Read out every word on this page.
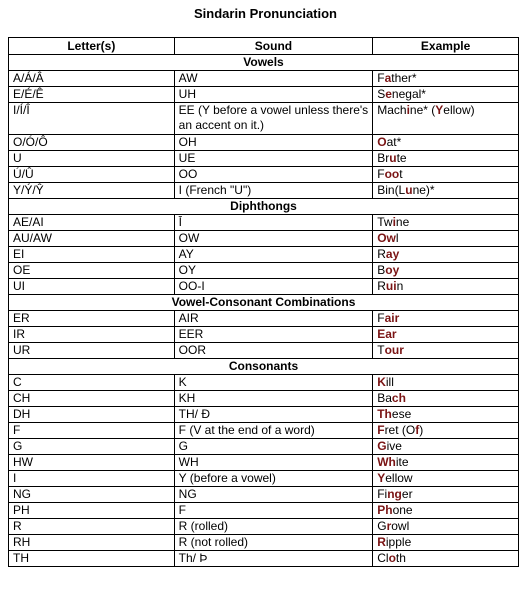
Sindarin Pronunciation
Letter(s)	Sound	Example
Vowels		
A/Á/Â	AW	Father*
E/É/Ê	UH	Senegal*
I/Í/Î	EE (Y before a vowel unless there's an accent on it.)	Machine* (Yellow)
O/Ó/Ô	OH	Oat*
U	UE	Brute
Ú/Û	OO	Foot
Y/Ý/Ŷ	I (French "U")	Bin(Lune)*
Diphthongs		
AE/AI	Ī	Twine
AU/AW	OW	Owl
EI	AY	Ray
OE	OY	Boy
UI	OO-I	Ruin
Vowel-Consonant Combinations		
ER	AIR	Fair
IR	EER	Ear
UR	OOR	Tour
Consonants		
C	K	Kill
CH	KH	Bach
DH	TH/ Ð	These
F	F (V at the end of a word)	Fret (Of)
G	G	Give
HW	WH	White
I	Y (before a vowel)	Yellow
NG	NG	Finger
PH	F	Phone
R	R (rolled)	Growl
RH	R (not rolled)	Ripple
TH	Th/ Þ	Cloth
